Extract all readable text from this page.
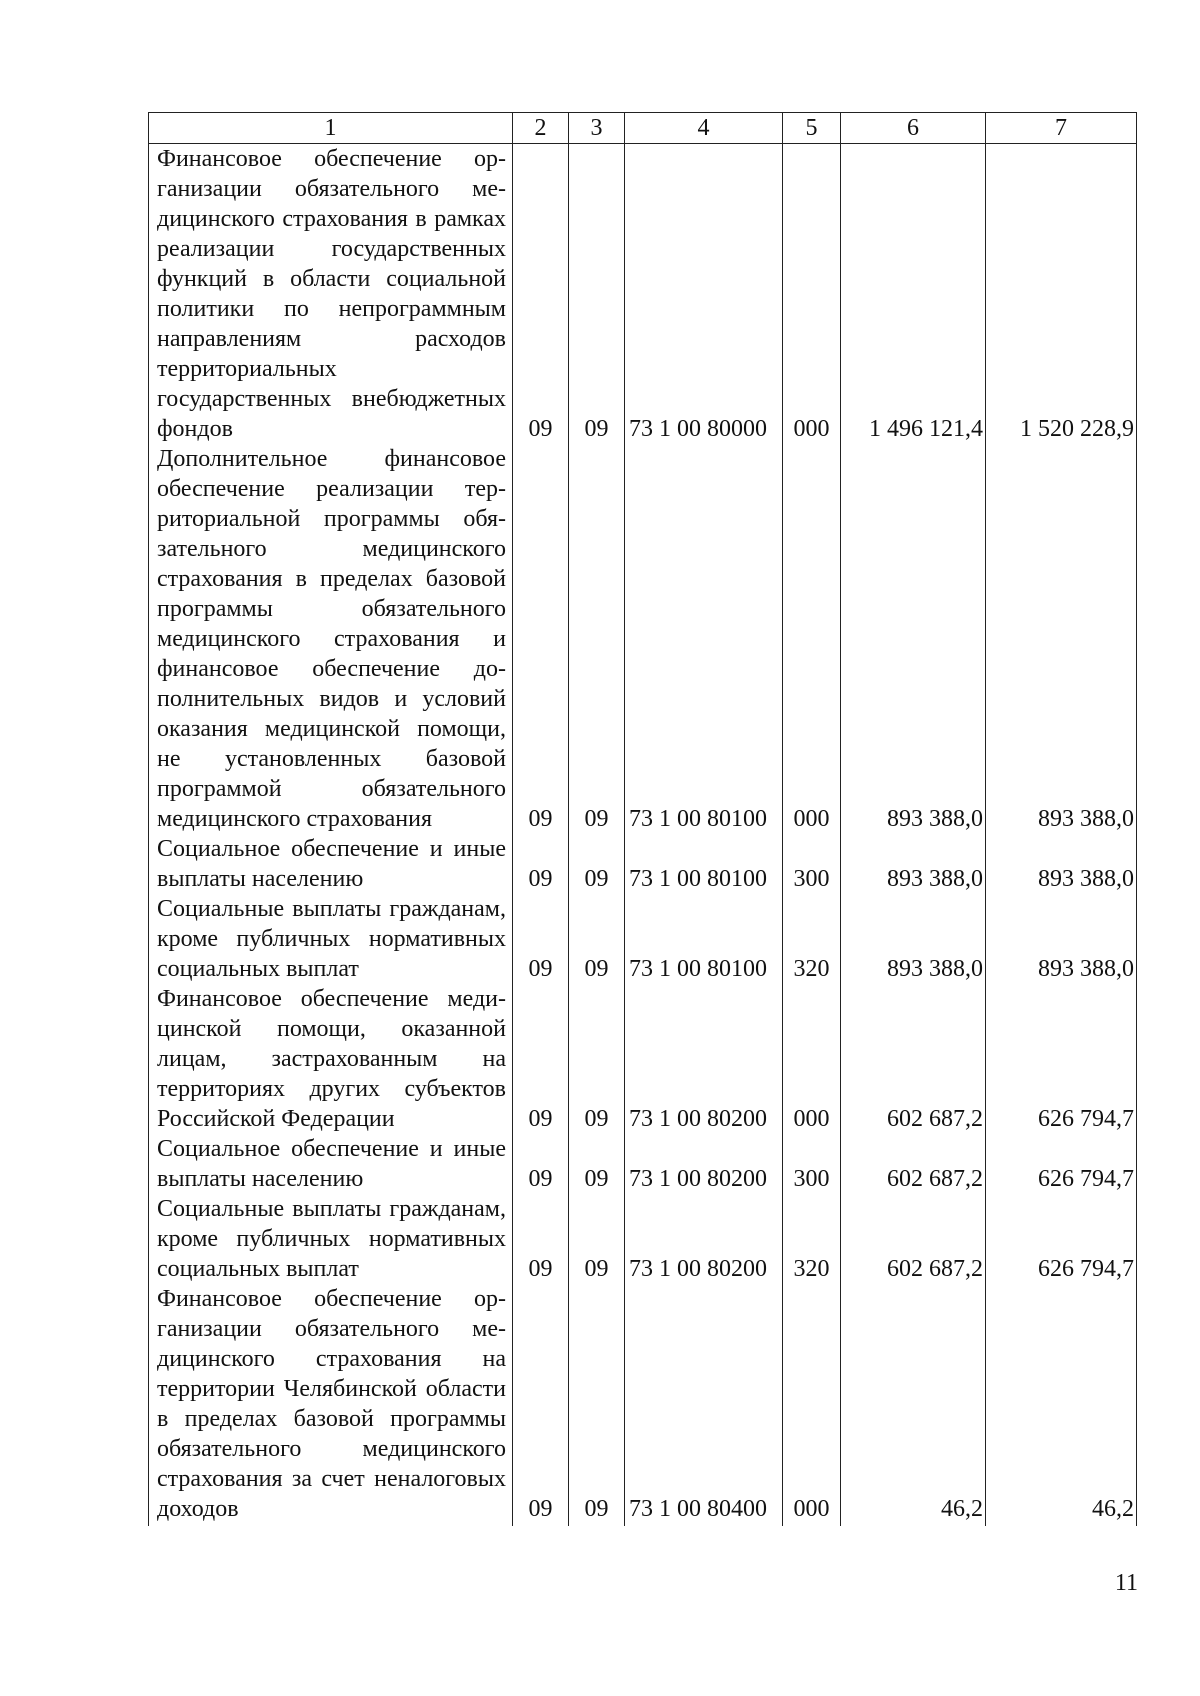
1	2	3	4	5	6	7
Финансовое обеспечение организации обязательного медицинского страхования в рамках реализации государственных функций в области социальной политики по непрограммным направлениям расходов территориальных государственных внебюджетных фондов	09	09	73 1 00 80000	000	1 496 121,4	1 520 228,9
Дополнительное финансовое обеспечение реализации территориальной программы обязательного медицинского страхования в пределах базовой программы обязательного медицинского страхования и финансовое обеспечение дополнительных видов и условий оказания медицинской помощи, не установленных базовой программой обязательного медицинского страхования	09	09	73 1 00 80100	000	893 388,0	893 388,0
Социальное обеспечение и иные выплаты населению	09	09	73 1 00 80100	300	893 388,0	893 388,0
Социальные выплаты гражданам, кроме публичных нормативных социальных выплат	09	09	73 1 00 80100	320	893 388,0	893 388,0
Финансовое обеспечение медицинской помощи, оказанной лицам, застрахованным на территориях других субъектов Российской Федерации	09	09	73 1 00 80200	000	602 687,2	626 794,7
Социальное обеспечение и иные выплаты населению	09	09	73 1 00 80200	300	602 687,2	626 794,7
Социальные выплаты гражданам, кроме публичных нормативных социальных выплат	09	09	73 1 00 80200	320	602 687,2	626 794,7
Финансовое обеспечение организации обязательного медицинского страхования на территории Челябинской области в пределах базовой программы обязательного медицинского страхования за счет неналоговых доходов	09	09	73 1 00 80400	000	46,2	46,2
11
